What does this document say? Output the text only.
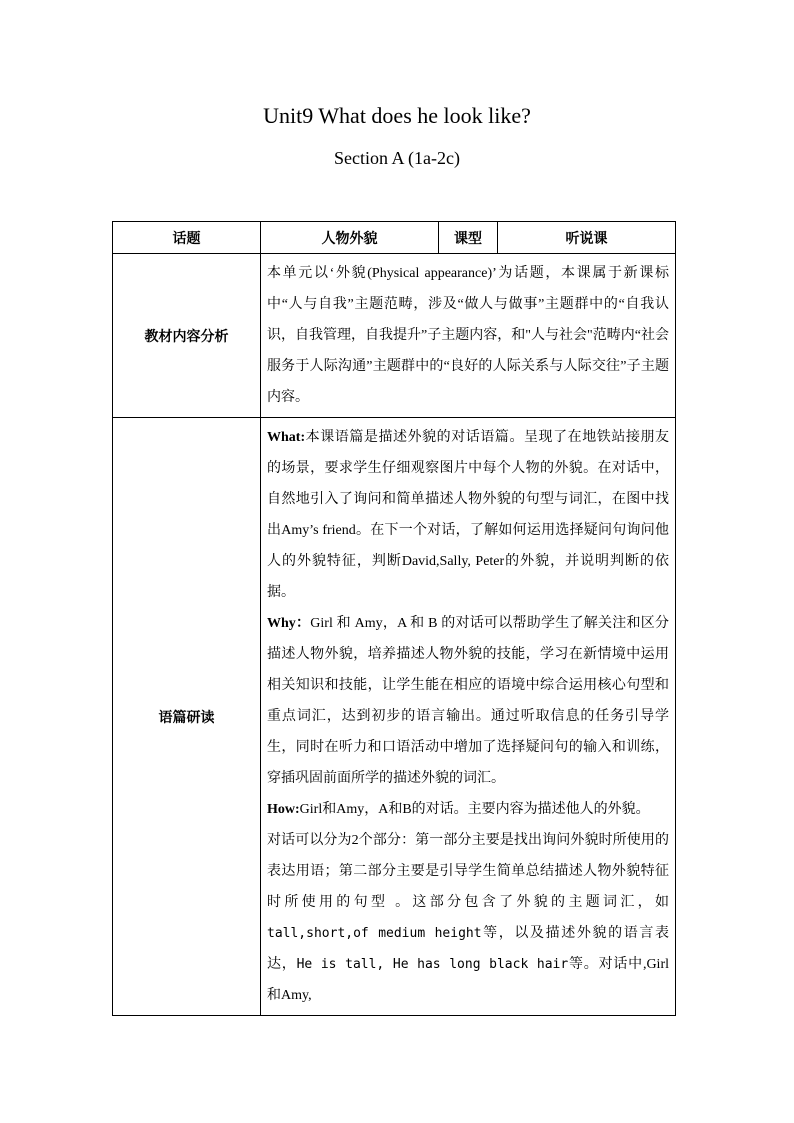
Unit9 What does he look like?
Section A (1a-2c)
话题	人物外貌	课型	听说课
教材内容分析	本单元以‘外貌(Physical appearance)’为话题，本课属于新课标中“人与自我”主题范畴，涉及“做人与做事”主题群中的“自我认识，自我管理，自我提升”子主题内容，和"人与社会"范畴内“社会服务于人际沟通”主题群中的“良好的人际关系与人际交往”子主题内容。		

语篇研读	What:本课语篇是描述外貌的对话语篇。呈现了在地铁站接朋友的场景，要求学生仔细观察图片中每个人物的外貌。在对话中，自然地引入了询问和简单描述人物外貌的句型与词汇，在图中找出Amy’s friend。在下一个对话，了解如何运用选择疑问句询问他人的外貌特征，判断David,Sally, Peter的外貌，并说明判断的依据。

Why：Girl 和 Amy，A 和 B 的对话可以帮助学生了解关注和区分描述人物外貌，培养描述人物外貌的技能，学习在新情境中运用相关知识和技能，让学生能在相应的语境中综合运用核心句型和重点词汇，达到初步的语言输出。通过听取信息的任务引导学生，同时在听力和口语活动中增加了选择疑问句的输入和训练，穿插巩固前面所学的描述外貌的词汇。

How:Girl和Amy，A和B的对话。主要内容为描述他人的外貌。

对话可以分为2个部分：第一部分主要是找出询问外貌时所使用的表达用语；第二部分主要是引导学生简单总结描述人物外貌特征时所使用的句型 。这部分包含了外貌的主题词汇，如tall,short,of medium height等，以及描述外貌的语言表达，He is tall, He has long black hair等。对话中,Girl和Amy,		
